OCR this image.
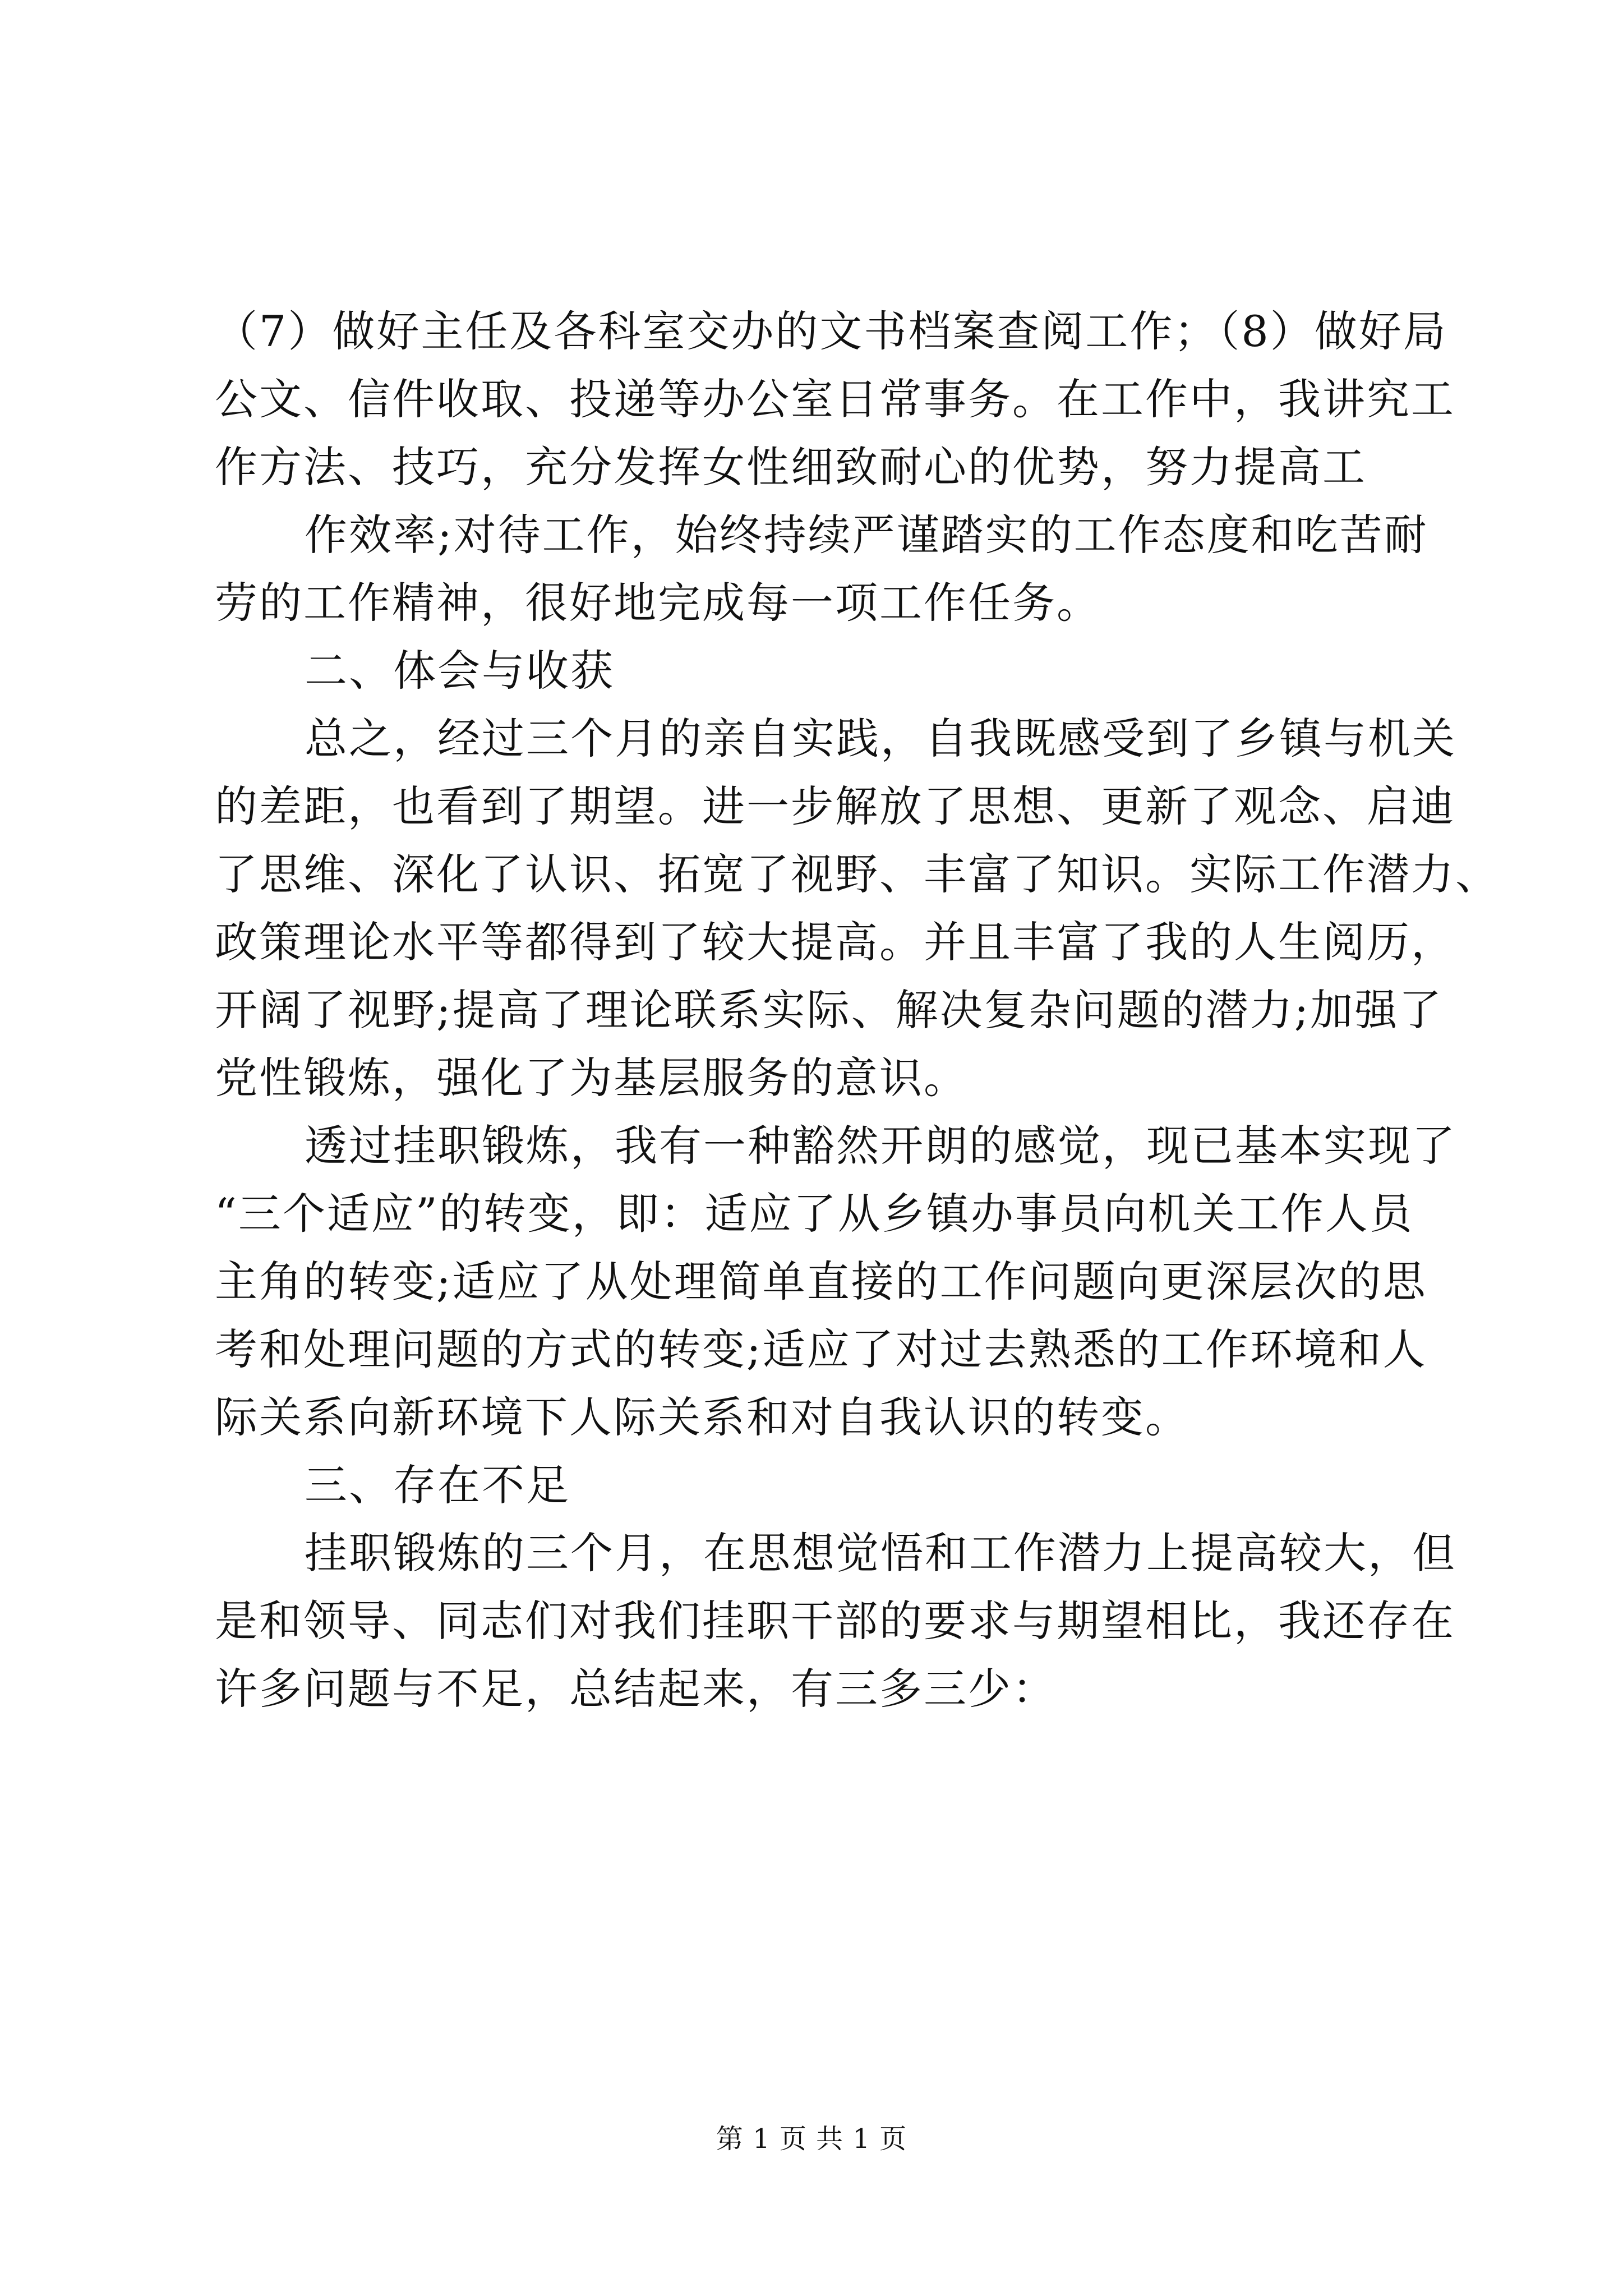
（7）做好主任及各科室交办的文书档案查阅工作；（8）做好局
公文、信件收取、投递等办公室日常事务。在工作中，我讲究工
作方法、技巧，充分发挥女性细致耐心的优势，努力提高工
作效率;对待工作，始终持续严谨踏实的工作态度和吃苦耐
劳的工作精神，很好地完成每一项工作任务。
二、体会与收获
总之，经过三个月的亲自实践，自我既感受到了乡镇与机关
的差距，也看到了期望。进一步解放了思想、更新了观念、启迪
了思维、深化了认识、拓宽了视野、丰富了知识。实际工作潜力、
政策理论水平等都得到了较大提高。并且丰富了我的人生阅历，
开阔了视野;提高了理论联系实际、解决复杂问题的潜力;加强了
党性锻炼，强化了为基层服务的意识。
透过挂职锻炼，我有一种豁然开朗的感觉，现已基本实现了
“三个适应”的转变，即：适应了从乡镇办事员向机关工作人员
主角的转变;适应了从处理简单直接的工作问题向更深层次的思
考和处理问题的方式的转变;适应了对过去熟悉的工作环境和人
际关系向新环境下人际关系和对自我认识的转变。
三、存在不足
挂职锻炼的三个月，在思想觉悟和工作潜力上提高较大，但
是和领导、同志们对我们挂职干部的要求与期望相比，我还存在
许多问题与不足，总结起来，有三多三少：
第 1 页 共 1 页
